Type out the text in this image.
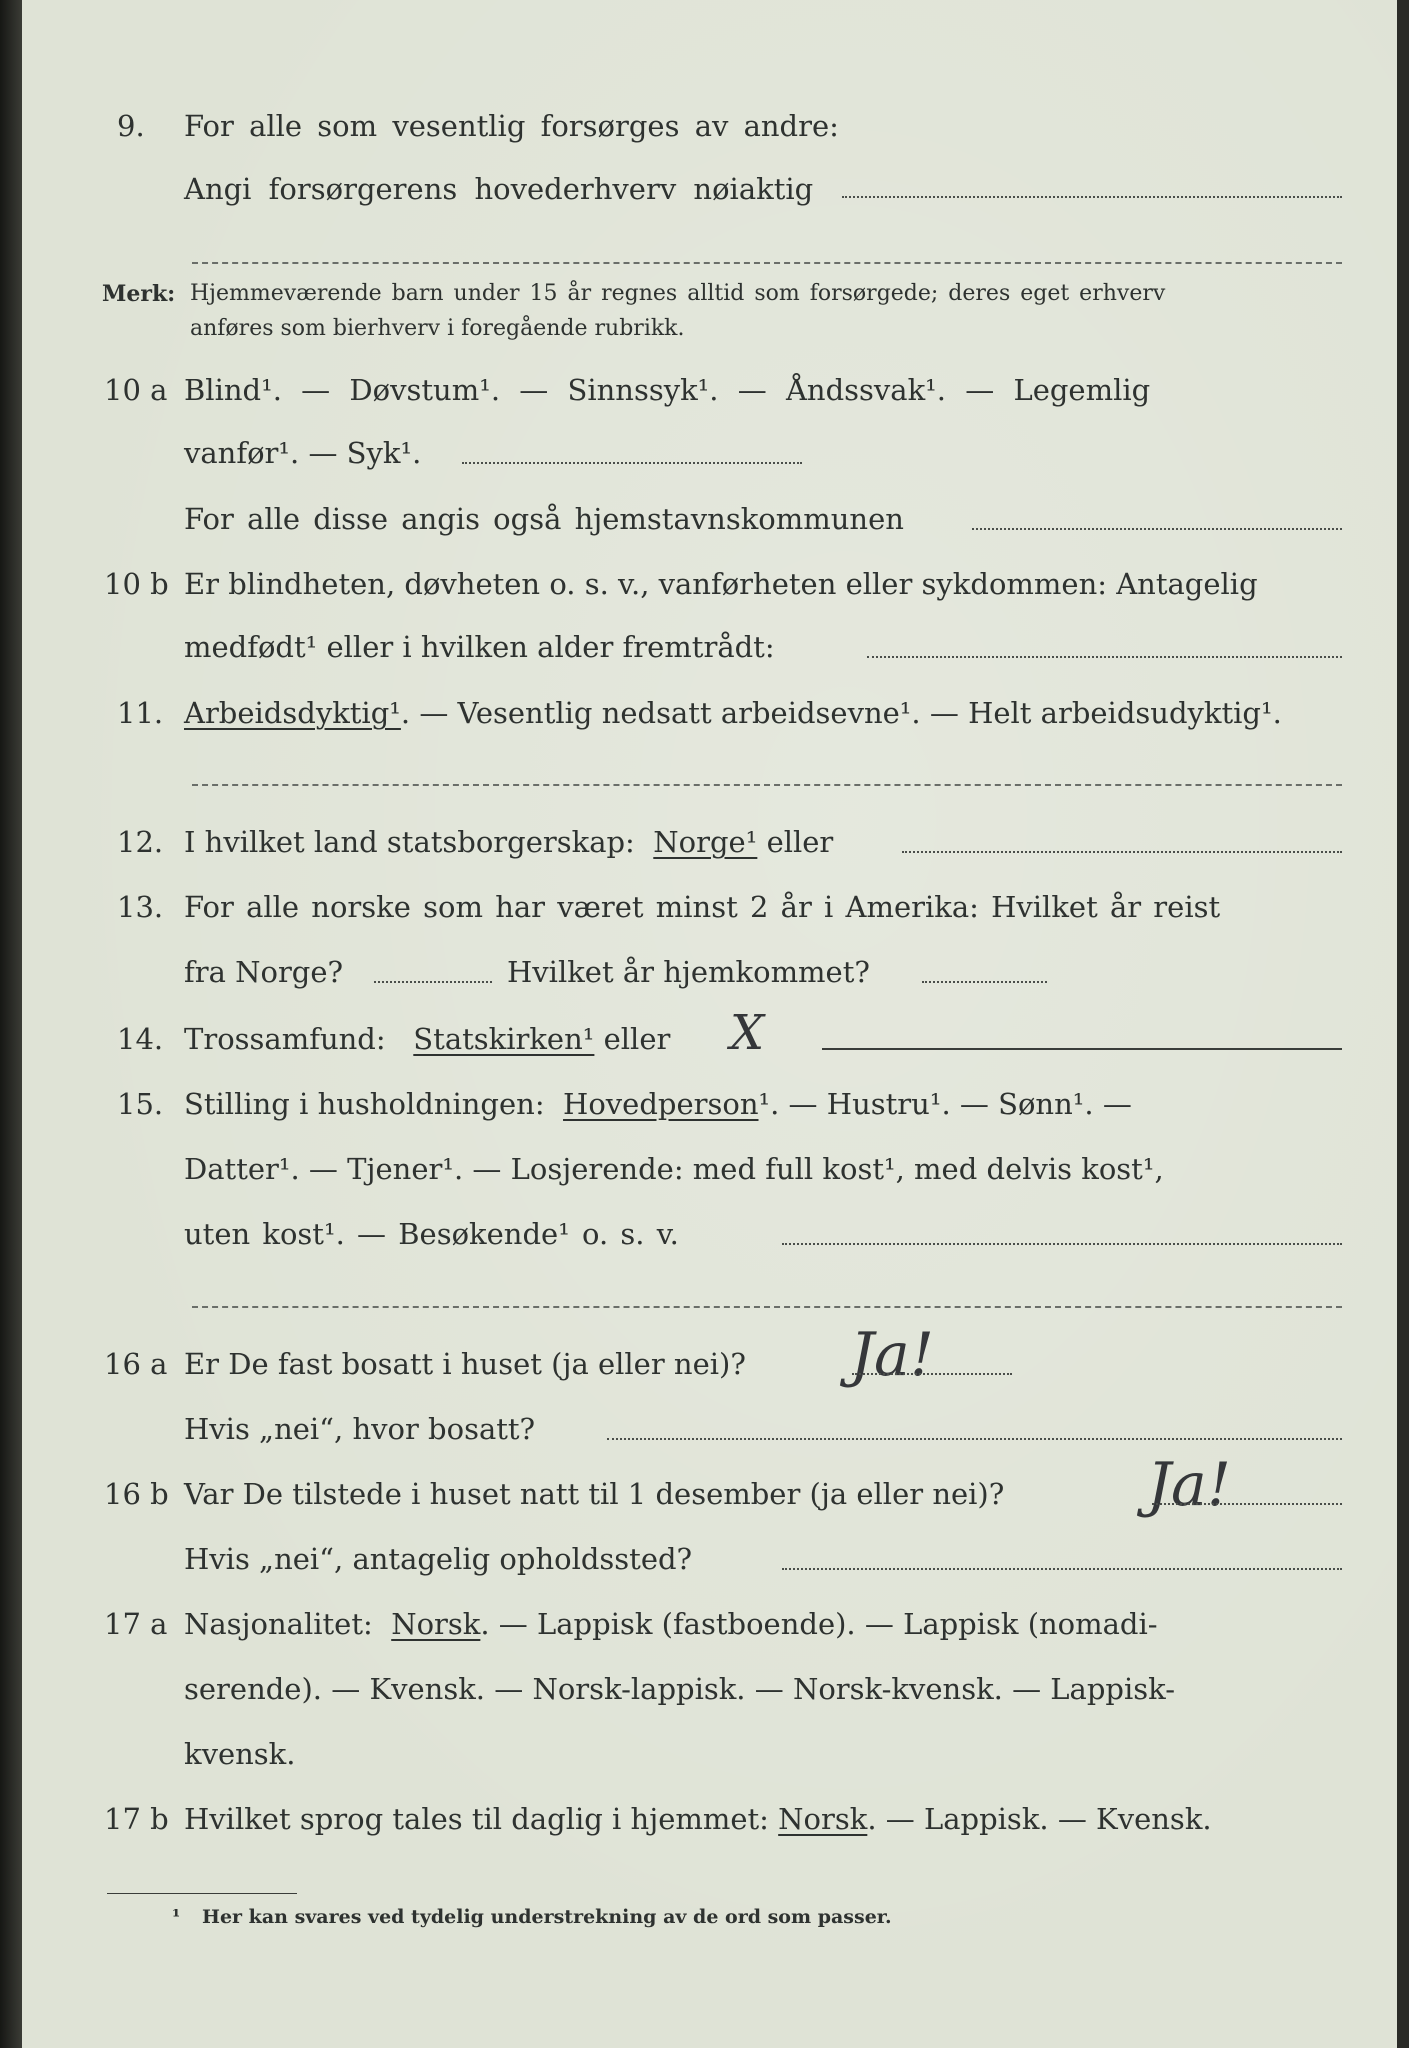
9. For alle som vesentlig forsørges av andre:
Angi forsørgerens hovederhverv nøiaktig
Merk: Hjemmeværende barn under 15 år regnes alltid som forsørgede; deres eget erhverv
anføres som bierhverv i foregående rubrikk.
10 a Blind¹. — Døvstum¹. — Sinnssyk¹. — Åndssvak¹. — Legemlig
vanfør¹. — Syk¹.
For alle disse angis også hjemstavnskommunen
10 b Er blindheten, døvheten o. s. v., vanførheten eller sykdommen: Antagelig
medfødt¹ eller i hvilken alder fremtrådt:
11. Arbeidsdyktig¹. — Vesentlig nedsatt arbeidsevne¹. — Helt arbeidsudyktig¹.
12. I hvilket land statsborgerskap: Norge¹ eller
13. For alle norske som har været minst 2 år i Amerika: Hvilket år reist
fra Norge?	Hvilket år hjemkommet?
14. Trossamfund: Statskirken¹ eller X
15. Stilling i husholdningen: Hovedperson¹. — Hustru¹. — Sønn¹. —
Datter¹. — Tjener¹. — Losjerende: med full kost¹, med delvis kost¹,
uten kost¹. — Besøkende¹ o. s. v.
16 a Er De fast bosatt i huset (ja eller nei)? Ja!
Hvis „nei“, hvor bosatt?
16 b Var De tilstede i huset natt til 1 desember (ja eller nei)? Ja!
Hvis „nei“, antagelig opholdssted?
17 a Nasjonalitet: Norsk. — Lappisk (fastboende). — Lappisk (nomadi-
serende). — Kvensk. — Norsk-lappisk. — Norsk-kvensk. — Lappisk-
kvensk.
17 b Hvilket sprog tales til daglig i hjemmet: Norsk. — Lappisk. — Kvensk.
¹ Her kan svares ved tydelig understrekning av de ord som passer.
